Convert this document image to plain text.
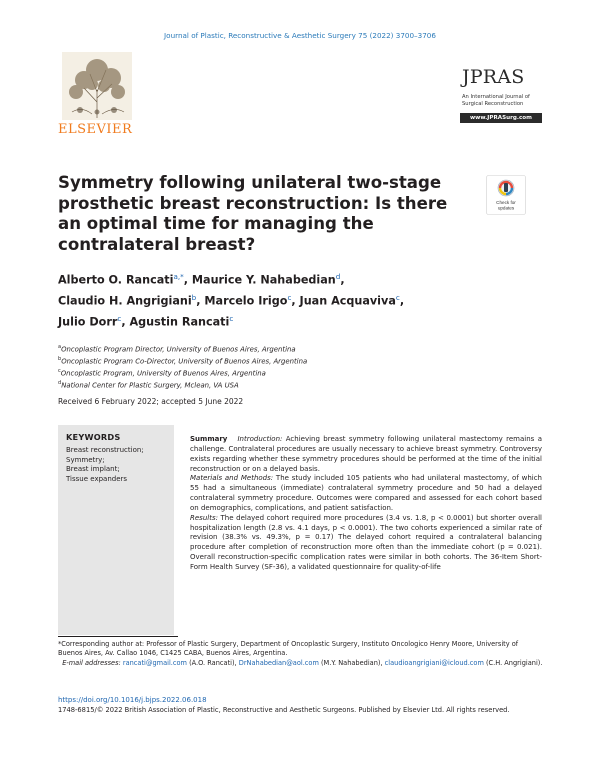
Journal of Plastic, Reconstructive & Aesthetic Surgery 75 (2022) 3700–3706
ELSEVIER
JPRAS
An International Journal of
Surgical Reconstruction
www.JPRASurg.com
Symmetry following unilateral two-stage prosthetic breast reconstruction: Is there an optimal time for managing the contralateral breast?
Check for
updates
Alberto O. Rancati$^{a,*}$, Maurice Y. Nahabedian$^d$,
Claudio H. Angrigiani$^b$, Marcelo Irigo$^c$, Juan Acquaviva$^c$,
Julio Dorr$^c$, Agustin Rancati$^c$
$^a$Oncoplastic Program Director, University of Buenos Aires, Argentina
$^b$Oncoplastic Program Co-Director, University of Buenos Aires, Argentina
$^c$Oncoplastic Program, University of Buenos Aires, Argentina
$^d$National Center for Plastic Surgery, Mclean, VA USA
Received 6 February 2022; accepted 5 June 2022
KEYWORDS
Breast reconstruction;
Symmetry;
Breast implant;
Tissue expanders
Summary Introduction: Achieving breast symmetry following unilateral mastectomy remains a challenge. Contralateral procedures are usually necessary to achieve breast symmetry. Controversy exists regarding whether these symmetry procedures should be performed at the time of the initial reconstruction or on a delayed basis.
Materials and Methods: The study included 105 patients who had unilateral mastectomy, of which 55 had a simultaneous (immediate) contralateral symmetry procedure and 50 had a delayed contralateral symmetry procedure. Outcomes were compared and assessed for each cohort based on demographics, complications, and patient satisfaction.
Results: The delayed cohort required more procedures (3.4 vs. 1.8, p < 0.0001) but shorter overall hospitalization length (2.8 vs. 4.1 days, p < 0.0001). The two cohorts experienced a similar rate of revision (38.3% vs. 49.3%, p = 0.17) The delayed cohort required a contralateral balancing procedure after completion of reconstruction more often than the immediate cohort (p = 0.021). Overall reconstruction-specific complication rates were similar in both cohorts. The 36-Item Short-Form Health Survey (SF-36), a validated questionnaire for quality-of-life
*Corresponding author at: Professor of Plastic Surgery, Department of Oncoplastic Surgery, Instituto Oncologico Henry Moore, University of Buenos Aires, Av. Callao 1046, C1425 CABA, Buenos Aires, Argentina.
E-mail addresses: rancati@gmail.com (A.O. Rancati), DrNahabedian@aol.com (M.Y. Nahabedian), claudioangrigiani@icloud.com (C.H. Angrigiani).
https://doi.org/10.1016/j.bjps.2022.06.018
1748-6815/© 2022 British Association of Plastic, Reconstructive and Aesthetic Surgeons. Published by Elsevier Ltd. All rights reserved.
